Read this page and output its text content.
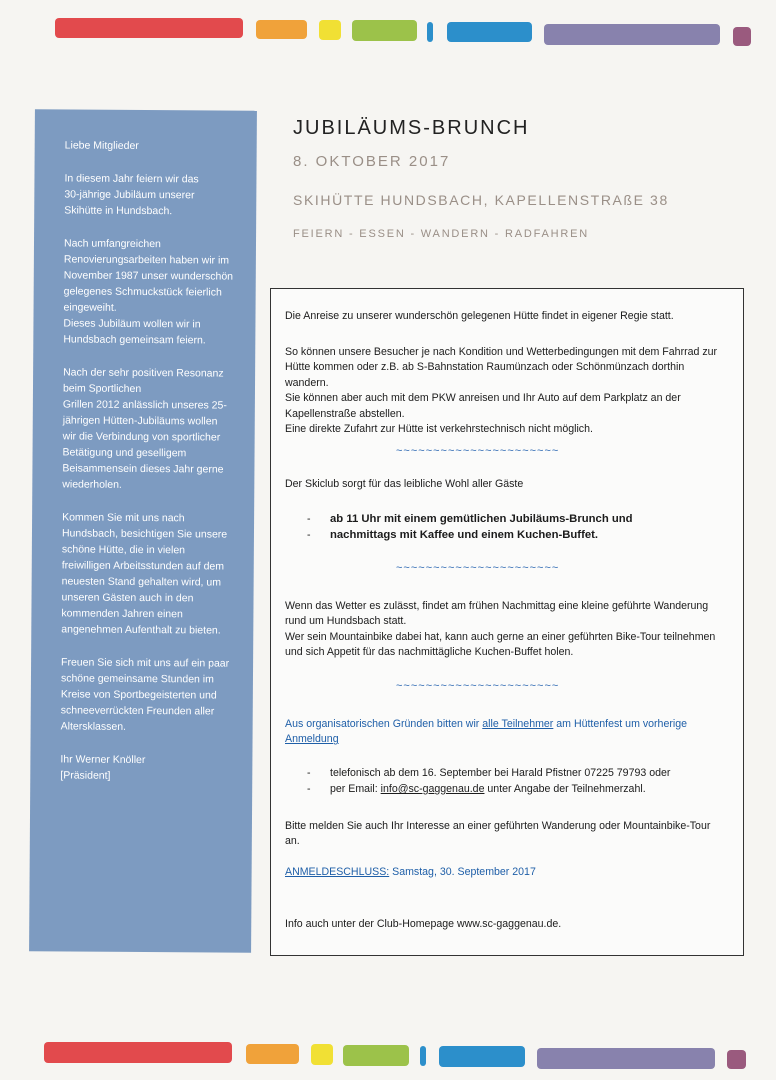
Liebe Mitglieder

In diesem Jahr feiern wir das
30-jährige Jubiläum unserer
Skihütte in Hundsbach.

Nach umfangreichen
Renovierungsarbeiten haben wir im
November 1987 unser wunderschön
gelegenes Schmuckstück feierlich
eingeweiht.
Dieses Jubiläum wollen wir in
Hundsbach gemeinsam feiern.

Nach der sehr positiven Resonanz
beim Sportlichen
Grillen 2012 anlässlich unseres 25-
jährigen Hütten-Jubiläums wollen
wir die Verbindung von sportlicher
Betätigung und geselligem
Beisammensein dieses Jahr gerne
wiederholen.

Kommen Sie mit uns nach
Hundsbach, besichtigen Sie unsere
schöne Hütte, die in vielen
freiwilligen Arbeitsstunden auf dem
neuesten Stand gehalten wird, um
unseren Gästen auch in den
kommenden Jahren einen
angenehmen Aufenthalt zu bieten.

Freuen Sie sich mit uns auf ein paar
schöne gemeinsame Stunden im
Kreise von Sportbegeisterten und
schneeverrückten Freunden aller
Altersklassen.

Ihr Werner Knöller
[Präsident]

JUBILÄUMS-BRUNCH
8. OKTOBER 2017
SKIHÜTTE HUNDSBACH, KAPELLENSTRAßE 38
FEIERN - ESSEN - WANDERN - RADFAHREN

Die Anreise zu unserer wunderschön gelegenen Hütte findet in eigener Regie statt.

So können unsere Besucher je nach Kondition und Wetterbedingungen mit dem Fahrrad zur
Hütte kommen oder z.B. ab S-Bahnstation Raumünzach oder Schönmünzach dorthin wandern.
Sie können aber auch mit dem PKW anreisen und Ihr Auto auf dem Parkplatz an der
Kapellenstraße abstellen.
Eine direkte Zufahrt zur Hütte ist verkehrstechnisch nicht möglich.

~~~~~~~~~~~~~~~~~~~~~~

Der Skiclub sorgt für das leibliche Wohl aller Gäste

- ab 11 Uhr mit einem gemütlichen Jubiläums-Brunch und
- nachmittags mit Kaffee und einem Kuchen-Buffet.
~~~~~~~~~~~~~~~~~~~~~~

Wenn das Wetter es zulässt, findet am frühen Nachmittag eine kleine geführte Wanderung
rund um Hundsbach statt.
Wer sein Mountainbike dabei hat, kann auch gerne an einer geführten Bike-Tour teilnehmen
und sich Appetit für das nachmittägliche Kuchen-Buffet holen.

~~~~~~~~~~~~~~~~~~~~~~

Aus organisatorischen Gründen bitten wir alle Teilnehmer am Hüttenfest um vorherige
Anmeldung

- telefonisch ab dem 16. September bei Harald Pfistner 07225 79793 oder
- per Email: info@sc-gaggenau.de unter Angabe der Teilnehmerzahl.

Bitte melden Sie auch Ihr Interesse an einer geführten Wanderung oder Mountainbike-Tour an.

ANMELDESCHLUSS: Samstag, 30. September 2017

Info auch unter der Club-Homepage www.sc-gaggenau.de.
